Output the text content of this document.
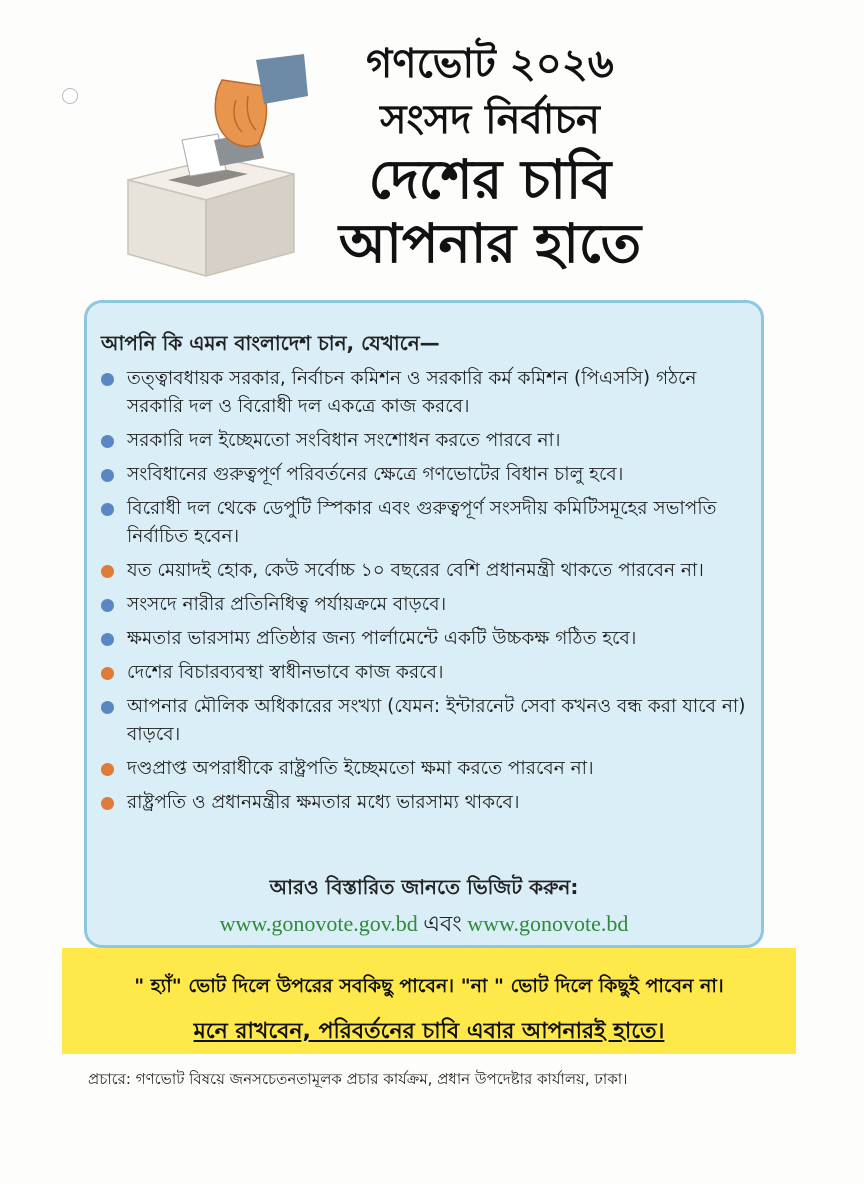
গণভোট ২০২৬
সংসদ নির্বাচন
দেশের চাবি
আপনার হাতে
আপনি কি এমন বাংলাদেশ চান, যেখানে—
তত্ত্বাবধায়ক সরকার, নির্বাচন কমিশন ও সরকারি কর্ম কমিশন (পিএসসি) গঠনে সরকারি দল ও বিরোধী দল একত্রে কাজ করবে।
সরকারি দল ইচ্ছেমতো সংবিধান সংশোধন করতে পারবে না।
সংবিধানের গুরুত্বপূর্ণ পরিবর্তনের ক্ষেত্রে গণভোটের বিধান চালু হবে।
বিরোধী দল থেকে ডেপুটি স্পিকার এবং গুরুত্বপূর্ণ সংসদীয় কমিটিসমূহের সভাপতি নির্বাচিত হবেন।
যত মেয়াদই হোক, কেউ সর্বোচ্চ ১০ বছরের বেশি প্রধানমন্ত্রী থাকতে পারবেন না।
সংসদে নারীর প্রতিনিধিত্ব পর্যায়ক্রমে বাড়বে।
ক্ষমতার ভারসাম্য প্রতিষ্ঠার জন্য পার্লামেন্টে একটি উচ্চকক্ষ গঠিত হবে।
দেশের বিচারব্যবস্থা স্বাধীনভাবে কাজ করবে।
আপনার মৌলিক অধিকারের সংখ্যা (যেমন: ইন্টারনেট সেবা কখনও বন্ধ করা যাবে না) বাড়বে।
দণ্ডপ্রাপ্ত অপরাধীকে রাষ্ট্রপতি ইচ্ছেমতো ক্ষমা করতে পারবেন না।
রাষ্ট্রপতি ও প্রধানমন্ত্রীর ক্ষমতার মধ্যে ভারসাম্য থাকবে।
আরও বিস্তারিত জানতে ভিজিট করুন:
www.gonovote.gov.bd এবং www.gonovote.bd
" হ্যাঁ" ভোট দিলে উপরের সবকিছু পাবেন। "না " ভোট দিলে কিছুই পাবেন না।
মনে রাখবেন, পরিবর্তনের চাবি এবার আপনারই হাতে।
প্রচারে: গণভোট বিষয়ে জনসচেতনতামূলক প্রচার কার্যক্রম, প্রধান উপদেষ্টার কার্যালয়, ঢাকা।
